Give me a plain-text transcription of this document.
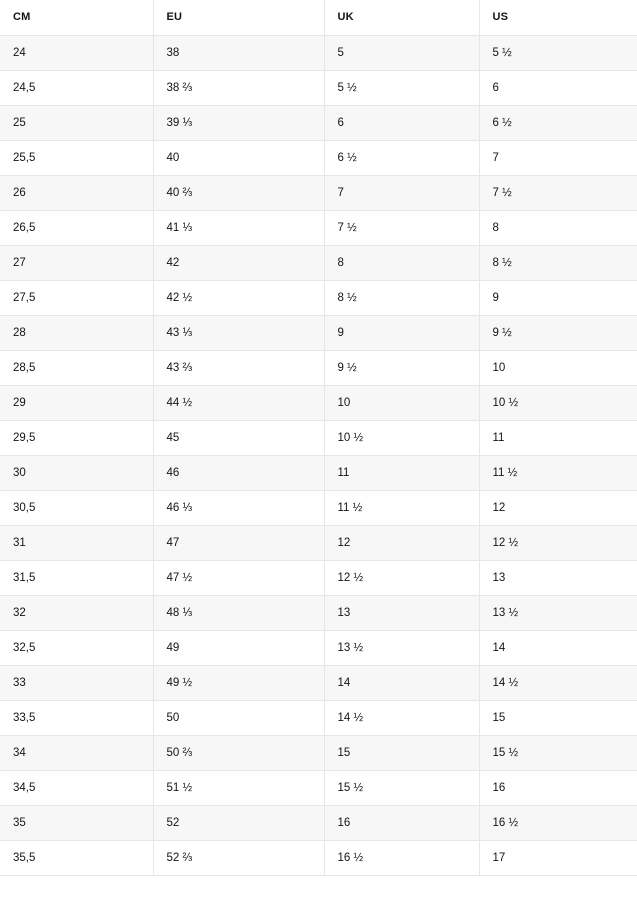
CM	EU	UK	US
24	38	5	5 ½
24,5	38 ⅔	5 ½	6
25	39 ⅓	6	6 ½
25,5	40	6 ½	7
26	40 ⅔	7	7 ½
26,5	41 ⅓	7 ½	8
27	42	8	8 ½
27,5	42 ½	8 ½	9
28	43 ⅓	9	9 ½
28,5	43 ⅔	9 ½	10
29	44 ½	10	10 ½
29,5	45	10 ½	11
30	46	11	11 ½
30,5	46 ⅓	11 ½	12
31	47	12	12 ½
31,5	47 ½	12 ½	13
32	48 ⅓	13	13 ½
32,5	49	13 ½	14
33	49 ½	14	14 ½
33,5	50	14 ½	15
34	50 ⅔	15	15 ½
34,5	51 ½	15 ½	16
35	52	16	16 ½
35,5	52 ⅔	16 ½	17
